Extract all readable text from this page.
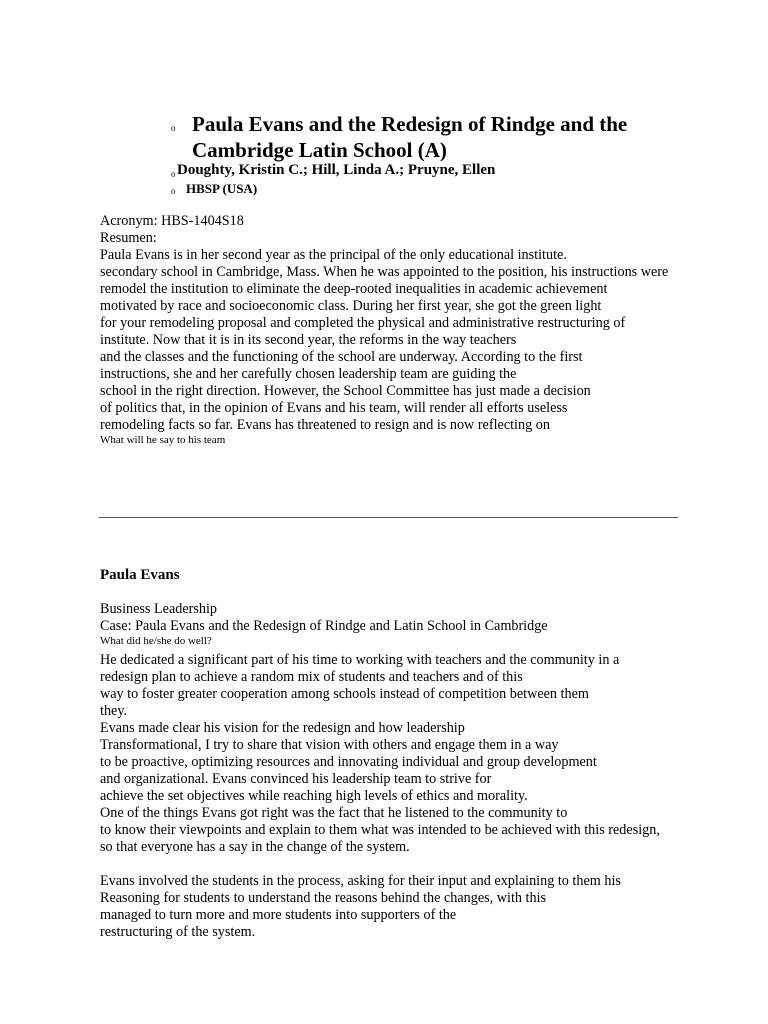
o Paula Evans and the Redesign of Rindge and the
Cambridge Latin School (A)
o Doughty, Kristin C.; Hill, Linda A.; Pruyne, Ellen
o HBSP (USA)
Acronym: HBS-1404S18
Resumen:
Paula Evans is in her second year as the principal of the only educational institute.
secondary school in Cambridge, Mass. When he was appointed to the position, his instructions were
remodel the institution to eliminate the deep-rooted inequalities in academic achievement
motivated by race and socioeconomic class. During her first year, she got the green light
for your remodeling proposal and completed the physical and administrative restructuring of
institute. Now that it is in its second year, the reforms in the way teachers
and the classes and the functioning of the school are underway. According to the first
instructions, she and her carefully chosen leadership team are guiding the
school in the right direction. However, the School Committee has just made a decision
of politics that, in the opinion of Evans and his team, will render all efforts useless
remodeling facts so far. Evans has threatened to resign and is now reflecting on
What will he say to his team
Paula Evans
Business Leadership
Case: Paula Evans and the Redesign of Rindge and Latin School in Cambridge
What did he/she do well?
He dedicated a significant part of his time to working with teachers and the community in a
redesign plan to achieve a random mix of students and teachers and of this
way to foster greater cooperation among schools instead of competition between them
they.
Evans made clear his vision for the redesign and how leadership
Transformational, I try to share that vision with others and engage them in a way
to be proactive, optimizing resources and innovating individual and group development
and organizational. Evans convinced his leadership team to strive for
achieve the set objectives while reaching high levels of ethics and morality.
One of the things Evans got right was the fact that he listened to the community to
to know their viewpoints and explain to them what was intended to be achieved with this redesign,
so that everyone has a say in the change of the system.
Evans involved the students in the process, asking for their input and explaining to them his
Reasoning for students to understand the reasons behind the changes, with this
managed to turn more and more students into supporters of the
restructuring of the system.
